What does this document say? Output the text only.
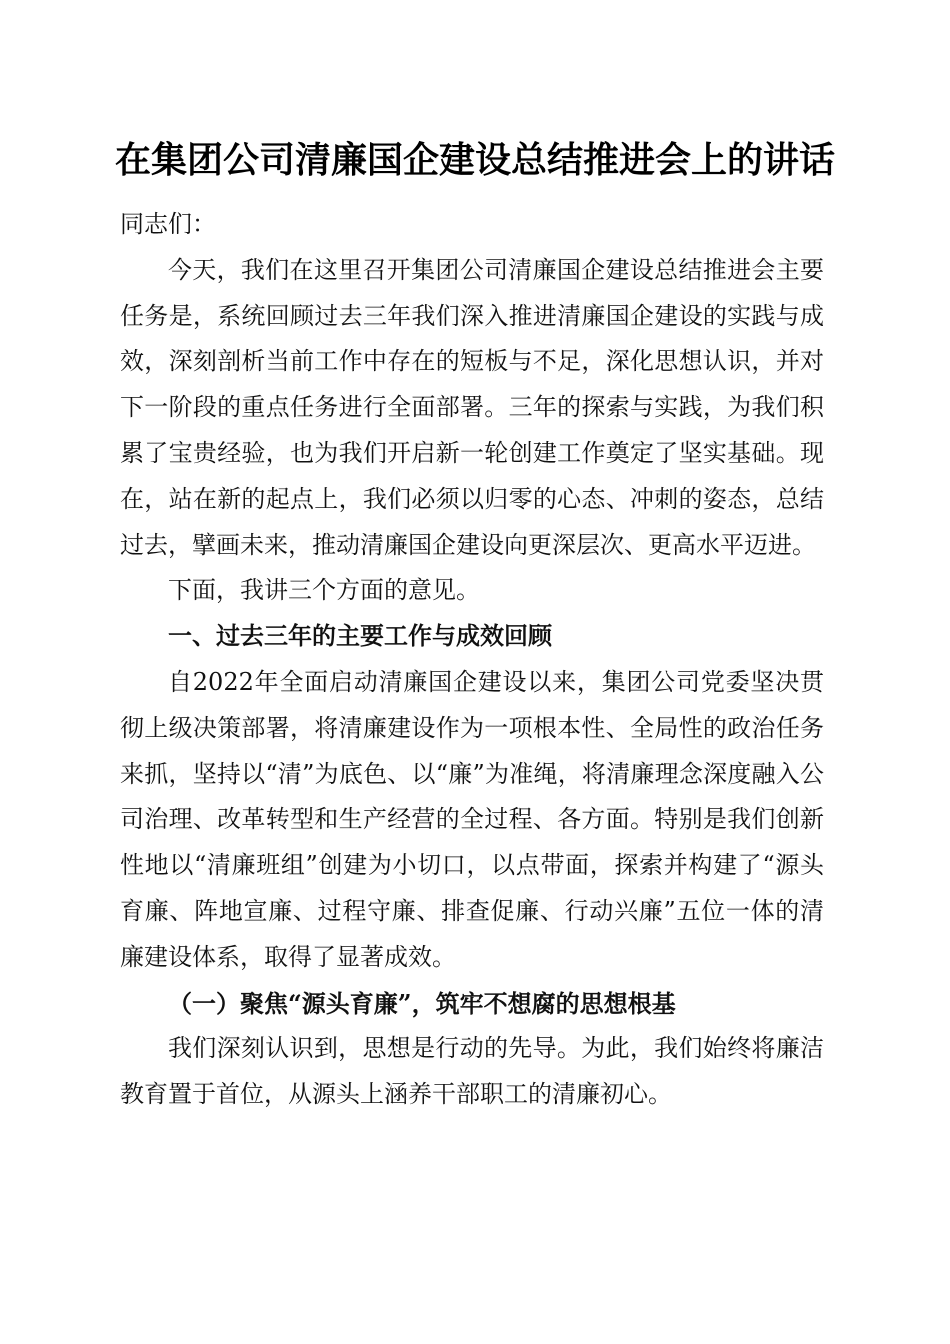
在集团公司清廉国企建设总结推进会上的讲话

同志们：

今天，我们在这里召开集团公司清廉国企建设总结推进会主要任务是，系统回顾过去三年我们深入推进清廉国企建设的实践与成效，深刻剖析当前工作中存在的短板与不足，深化思想认识，并对下一阶段的重点任务进行全面部署。三年的探索与实践，为我们积累了宝贵经验，也为我们开启新一轮创建工作奠定了坚实基础。现在，站在新的起点上，我们必须以归零的心态、冲刺的姿态，总结过去，擘画未来，推动清廉国企建设向更深层次、更高水平迈进。

下面，我讲三个方面的意见。

一、过去三年的主要工作与成效回顾

自2022年全面启动清廉国企建设以来，集团公司党委坚决贯彻上级决策部署，将清廉建设作为一项根本性、全局性的政治任务来抓，坚持以“清”为底色、以“廉”为准绳，将清廉理念深度融入公司治理、改革转型和生产经营的全过程、各方面。特别是我们创新性地以“清廉班组”创建为小切口，以点带面，探索并构建了“源头育廉、阵地宣廉、过程守廉、排查促廉、行动兴廉”五位一体的清廉建设体系，取得了显著成效。

（一）聚焦“源头育廉”，筑牢不想腐的思想根基

我们深刻认识到，思想是行动的先导。为此，我们始终将廉洁教育置于首位，从源头上涵养干部职工的清廉初心。
